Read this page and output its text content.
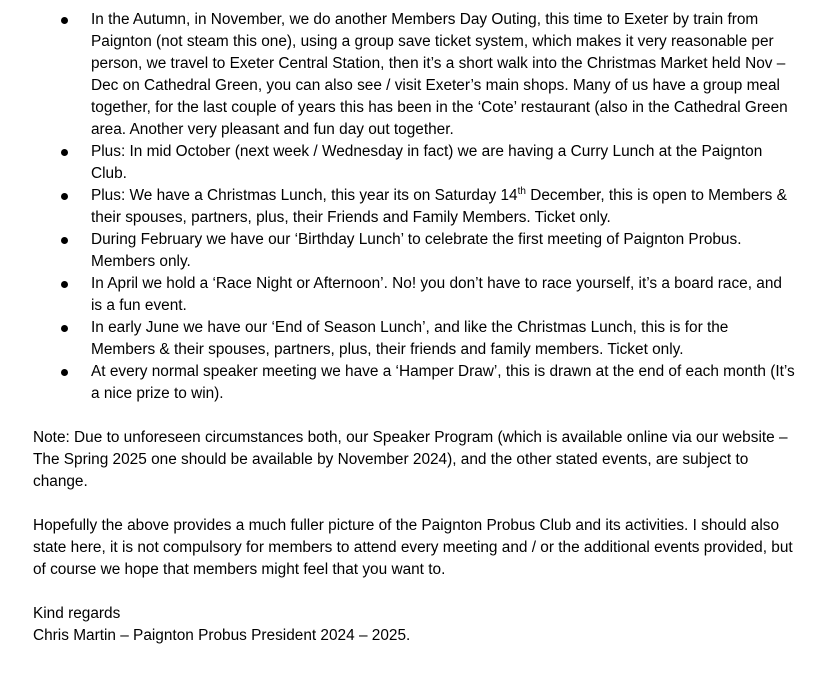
In the Autumn, in November, we do another Members Day Outing, this time to Exeter by train from Paignton (not steam this one), using a group save ticket system, which makes it very reasonable per person, we travel to Exeter Central Station, then it’s a short walk into the Christmas Market held Nov – Dec on Cathedral Green, you can also see / visit Exeter’s main shops. Many of us have a group meal together, for the last couple of years this has been in the ‘Cote’ restaurant (also in the Cathedral Green area. Another very pleasant and fun day out together.
Plus: In mid October (next week / Wednesday in fact) we are having a Curry Lunch at the Paignton Club.
Plus: We have a Christmas Lunch, this year its on Saturday 14th December, this is open to Members & their spouses, partners, plus, their Friends and Family Members. Ticket only.
During February we have our ‘Birthday Lunch’ to celebrate the first meeting of Paignton Probus. Members only.
In April we hold a ‘Race Night or Afternoon’. No! you don’t have to race yourself, it’s a board race, and is a fun event.
In early June we have our ‘End of Season Lunch’, and like the Christmas Lunch, this is for the Members & their spouses, partners, plus, their friends and family members. Ticket only.
At every normal speaker meeting we have a ‘Hamper Draw’, this is drawn at the end of each month (It’s a nice prize to win).

Note: Due to unforeseen circumstances both, our Speaker Program (which is available online via our website – The Spring 2025 one should be available by November 2024), and the other stated events, are subject to change.

Hopefully the above provides a much fuller picture of the Paignton Probus Club and its activities. I should also state here, it is not compulsory for members to attend every meeting and / or the additional events provided, but of course we hope that members might feel that you want to.

Kind regards

Chris Martin – Paignton Probus President 2024 – 2025.
